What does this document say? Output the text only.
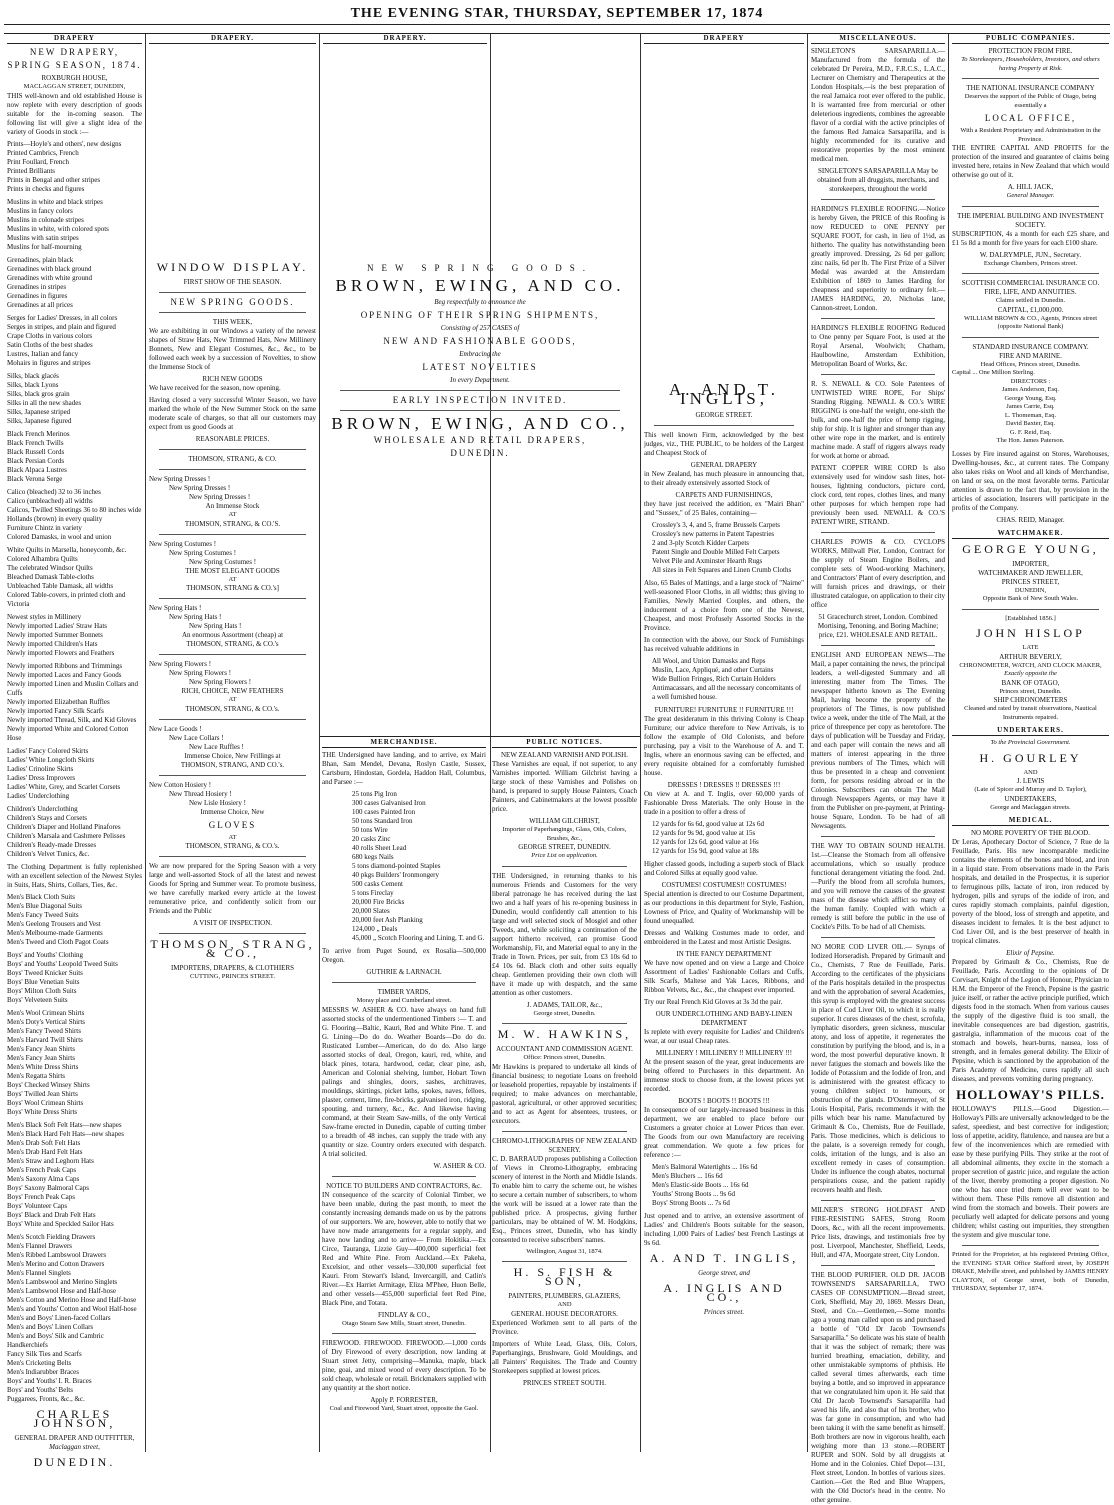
THE EVENING STAR, THURSDAY, SEPTEMBER 17, 1874
DRAPERY
NEW DRAPERY,
SPRING SEASON, 1874.
ROXBURGH HOUSE,
MACLAGGAN STREET, DUNEDIN,

THIS well-known and old established House is now replete with every description of goods suitable for the in-coming season. The following list will give a slight idea of the variety of Goods in stock :—

Prints—Hoyle's and others', new designs
Printed Cambrics, French
Print Foullard, French
Printed Brilliants
Prints in Bengal and other stripes
Prints in checks and figures
Muslins in white and black stripes
Muslins in fancy colors
Muslins in colonade stripes
Muslins in white, with colored spots
Muslins with satin stripes
Muslins for half-mourning
Grenadines, plain black
Grenadines with black ground
Grenadines with white ground
Grenadines in stripes
Grenadines in figures
Grenadines at all prices
Serges for Ladies' Dresses, in all colors
Serges in stripes, and plain and figured
Crape Cloths in various colors
Satin Cloths of the best shades
Lustres, Italian and fancy
Mohairs in figures and stripes
Silks, black glacés
Silks, black Lyons
Silks, black gros grain
Silks in all the new shades
Silks, Japanese striped
Silks, Japanese figured
Black French Merinos
Black French Twills
Black Russell Cords
Black Persian Cords
Black Alpaca Lustres
Black Verona Serge
Calico (bleached) 32 to 36 inches
Calico (unbleached) all widths
Calicos, Twilled Sheetings 36 to 80 inches wide
Hollands (brown) in every quality
Furniture Chintz in variety
Colored Damasks, in wool and union
White Quilts in Marsella, honeycomb, &c.
Colored Alhambra Quilts
The celebrated Windsor Quilts
Bleached Damask Table-cloths
Unbleached Table Damask, all widths
Colored Table-covers, in printed cloth and Victoria
Newest styles in Millinery
Newly imported Ladies' Straw Hats
Newly imported Summer Bonnets
Newly imported Children's Hats
Newly imported Flowers and Feathers
Newly imported Ribbons and Trimmings
Newly imported Laces and Fancy Goods
Newly imported Linen and Muslin Collars and Cuffs
Newly imported Elizabethan Ruffles
Newly imported Fancy Silk Scarfs
Newly imported Thread, Silk, and Kid Gloves
Newly imported White and Colored Cotton Hose
Ladies' Fancy Colored Skirts
Ladies' White Longcloth Skirts
Ladies' Crinoline Skirts
Ladies' Dress Improvers
Ladies' White, Grey, and Scarlet Corsets
Ladies' Underclothing
Children's Underclothing
Children's Stays and Corsets
Children's Diaper and Holland Pinafores
Children's Marsala and Cashmere Pelisses
Children's Ready-made Dresses
Children's Velvet Tunics, &c.

The Clothing Department is fully replenished with an excellent selection of the Newest Styles in Suits, Hats, Shirts, Collars, Ties, &c.

Men's Black Cloth Suits
Men's Blue Diagonal Suits
Men's Fancy Tweed Suits
Men's Geelong Trousers and Vest
Men's Melbourne-made Garments
Men's Tweed and Cloth Pagot Coats
Boys' and Youths' Clothing
Boys' and Youths' Leopold Tweed Suits
Boys' Tweed Knicker Suits
Boys' Blue Venetian Suits
Boys' Milton Cloth Suits
Boys' Velveteen Suits
Men's Wool Crimean Shirts
Men's Doty's Vertical Shirts
Men's Fancy Tweed Shirts
Men's Harvard Twill Shirts
Men's Fancy Jean Shirts
Men's Fancy Jean Shirts
Men's White Dress Shirts
Men's Regatta Shirts
Boys' Checked Winsey Shirts
Boys' Twilled Jean Shirts
Boys' Wool Crimean Shirts
Boys' White Dress Shirts
Men's Black Soft Felt Hats—new shapes
Men's Black Hard Felt Hats—new shapes
Men's Drab Soft Felt Hats
Men's Drab Hard Felt Hats
Men's Straw and Leghorn Hats
Men's French Peak Caps
Men's Saxony Alma Caps
Boys' Saxony Balmoral Caps
Boys' French Peak Caps
Boys' Volunteer Caps
Boys' Black and Drab Felt Hats
Boys' White and Speckled Sailor Hats
Men's Scotch Fielding Drawers
Men's Flannel Drawers
Men's Ribbed Lambswool Drawers
Men's Merino and Cotton Drawers
Men's Flannel Singlets
Men's Lambswool and Merino Singlets
Men's Lambswool Hose and Half-hose
Men's Cotton and Merino Hose and Half-hose
Men's and Youths' Cotton and Wool Half-hose
Men's and Boys' Linen-faced Collars
Men's and Boys' Linen Collars
Men's and Boys' Silk and Cambric Handkerchiefs
Fancy Silk Ties and Scarfs
Men's Cricketing Belts
Men's Indiarubber Braces
Boys' and Youths' I. R. Braces
Boys' and Youths' Belts
Puggarees, Fronts, &c., &c.
CHARLES JOHNSON,
GENERAL DRAPER AND OUTFITTER,
Maclaggan street,
DUNEDIN.
DRAPERY.
WINDOW DISPLAY.
FIRST SHOW OF THE SEASON.
NEW SPRING GOODS.
THIS WEEK,

We are exhibiting in our Windows a variety of the newest shapes of Straw Hats, New Trimmed Hats, New Millinery Bonnets, New and Elegant Costumes, &c., &c., to be followed each week by a succession of Novelties, to show the Immense Stock of

RICH NEW GOODS

We have received for the season, now opening.

Having closed a very successful Winter Season, we have marked the whole of the New Summer Stock on the same moderate scale of charges, so that all our customers may expect from us good Goods at

REASONABLE PRICES.
THOMSON, STRANG, & CO.
New Spring Dresses !
New Spring Dresses !
New Spring Dresses !
An Immense Stock
AT
THOMSON, STRANG, & CO.'S.
New Spring Costumes !
New Spring Costumes !
New Spring Costumes !
THE MOST ELEGANT GOODS
AT
THOMSON, STRANG & CO.'s]
New Spring Hats !
New Spring Hats !
New Spring Hats !
An enormous Assortment (cheap) at
THOMSON, STRANG, & CO.'s
New Spring Flowers !
New Spring Flowers !
New Spring Flowers !
RICH, CHOICE, NEW FEATHERS
AT
THOMSON, STRANG, & CO.'s.
New Lace Goods !
New Lace Collars !
New Lace Ruffles !
Immense Choice, New Frillings at
THOMSON, STRANG, AND CO.'s.
New Cotton Hosiery !
New Thread Hosiery !
New Lisle Hosiery !
Immense Choice, New
GLOVES
AT
THOMSON, STRANG, & CO.'s.

We are now prepared for the Spring Season with a very large and well-assorted Stock of all the latest and newest Goods for Spring and Summer wear. To promote business, we have carefully marked every article at the lowest remunerative price, and confidently solicit from our Friends and the Public

A VISIT OF INSPECTION.
THOMSON, STRANG, & CO.,
IMPORTERS, DRAPERS, & CLOTHIERS
CUTTING, PRINCES STREET.
DRAPERY.
NEW SPRING GOODS.
BROWN, EWING, AND CO.
Beg respectfully to announce the
OPENING OF THEIR SPRING SHIPMENTS,
Consisting of 257 CASES of
NEW AND FASHIONABLE GOODS,
Embracing the
LATEST NOVELTIES
In every Department.
EARLY INSPECTION INVITED.
BROWN, EWING, AND CO.,
WHOLESALE AND RETAIL DRAPERS,
DUNEDIN.
MERCHANDISE.

THE Undersigned have landing, and to arrive, ex Mairi Bhan, Sam Mendel, Devana, Roslyn Castle, Sussex, Cartsburn, Hindostan, Gordela, Haddon Hall, Columbus, and Parsee :—

25 tons Pig Iron
300 cases Galvanised Iron
100 cases Painted Iron
50 tons Standard Iron
50 tons Wire
20 casks Zinc
40 rolls Sheet Lead
680 kegs Nails
5 tons diamond-pointed Staples
40 pkgs Builders' Ironmongery
500 casks Cement
5 tons Fireclay
20,000 Fire Bricks
20,000 Slates
20,000 feet Ash Planking
124,000 „ Deals
45,000 „ Scotch Flooring and Lining, T. and G.

To arrive from Puget Sound, ex Rosalia—500,000 Oregon.

GUTHRIE & LARNACH.
TIMBER YARDS,
Moray place and Cumberland street.

MESSRS W. ASHER & CO. have always on hand full assorted stocks of the undermentioned Timbers :— T. and G. Flooring—Baltic, Kauri, Red and White Pine. T. and G. Lining—Do do do. Weather Boards—Do do do. Rusticated Lumber—American, do do do. Also large assorted stocks of deal, Oregon, kauri, red, white, and black pines, totara, hardwood, cedar, clear pine, ash, American and Colonial shelving, lumber, Hobart Town palings and shingles, doors, sashes, architraves, mouldings, skirtings, picket laths, spokes, naves, felloes, plaster, cement, lime, fire-bricks, galvanised iron, ridging, spouting, and turnery, &c., &c. And likewise having command, at their Steam Saw-mills, of the only Vertical Saw-frame erected in Dunedin, capable of cutting timber to a breadth of 48 inches, can supply the trade with any quantity or size. Country orders executed with despatch. A trial solicited.

W. ASHER & CO.
NOTICE TO BUILDERS AND CONTRACTORS, &c.

IN consequence of the scarcity of Colonial Timber, we have been unable, during the past month, to meet the constantly increasing demands made on us by the patrons of our supporters. We are, however, able to notify that we have now made arrangements for a regular supply, and have now landing and to arrive— From Hokitika.—Ex Circe, Tauranga, Lizzie Guy—400,000 superficial feet Red and White Pine. From Auckland.—Ex Pakeha, Excelsior, and other vessels—330,000 superficial feet Kauri. From Stewart's Island, Invercargill, and Catlin's River.—Ex Harriet Armitage, Eliza M'Phee, Huon Belle, and other vessels—455,000 superficial feet Red Pine, Black Pine, and Totara.

FINDLAY & CO.,
Otago Steam Saw Mills, Stuart street, Dunedin.

FIREWOOD. FIREWOOD. FIREWOOD.—1,000 cords of Dry Firewood of every description, now landing at Stuart street Jetty, comprising—Manuka, maple, black pine, goai, and mixed wood of every description. To be sold cheap, wholesale or retail. Brickmakers supplied with any quantity at the short notice.

Apply P. FORRESTER,
Coal and Firewood Yard, Stuart street, opposite the Gaol.
PUBLIC NOTICES.
NEW ZEALAND VARNISH AND POLISH.

These Varnishes are equal, if not superior, to any Varnishes imported. William Gilchrist having a large stock of these Varnishes and Polishes on hand, is prepared to supply House Painters, Coach Painters, and Cabinetmakers at the lowest possible price.

WILLIAM GILCHRIST,
Importer of Paperhangings, Glass, Oils, Colors, Brushes, &c.,
GEORGE STREET, DUNEDIN.
Price List on application.

THE Undersigned, in returning thanks to his numerous Friends and Customers for the very liberal patronage he has received during the last two and a half years of his re-opening business in Dunedin, would confidently call attention to his large and well selected stock of Mosgiel and other Tweeds, and, while soliciting a continuation of the support hitherto received, can promise Good Workmanship, Fit, and Material equal to any in the Trade in Town. Prices, per suit, from £3 10s 6d to £4 10s 6d. Black cloth and other suits equally cheap. Gentlemen providing their own cloth will have it made up with despatch, and the same attention as other customers.

J. ADAMS, TAILOR, &c.,
George street, Dunedin.
M. W. HAWKINS,
ACCOUNTANT AND COMMISSION AGENT.
Office: Princes street, Dunedin.

Mr Hawkins is prepared to undertake all kinds of financial business; to negotiate Loans on freehold or leasehold properties, repayable by instalments if required; to make advances on merchantable, pastoral, agricultural, or other approved securities; and to act as Agent for absentees, trustees, or executors.

CHROMO-LITHOGRAPHS OF NEW ZEALAND SCENERY.

C. D. BARRAUD proposes publishing a Collection of Views in Chromo-Lithography, embracing scenery of interest in the North and Middle Islands. To enable him to carry the scheme out, he wishes to secure a certain number of subscribers, to whom the work will be issued at a lower rate than the published price. A prospectus, giving further particulars, may be obtained of W. M. Hodgkins, Esq., Princes street, Dunedin, who has kindly consented to receive subscribers' names.

Wellington, August 31, 1874.
H. S. FISH & SON,
PAINTERS, PLUMBERS, GLAZIERS,
AND
GENERAL HOUSE DECORATORS.

Experienced Workmen sent to all parts of the Province.

Importers of White Lead, Glass, Oils, Colors, Paperhangings, Brushware, Gold Mouldings, and all Painters' Requisites. The Trade and Country Storekeepers supplied at lowest prices.

PRINCES STREET SOUTH.
DRAPERY
A. AND T. INGLIS,
GEORGE STREET.

This well known Firm, acknowledged by the best judges, viz., THE PUBLIC, to be holders of the Largest and Cheapest Stock of

GENERAL DRAPERY

in New Zealand, has much pleasure in announcing that, to their already extensively assorted Stock of

CARPETS AND FURNISHINGS,

they have just received the addition, ex "Mairi Bhan" and "Sussex," of 25 Bales, containing—

Crossley's 3, 4, and 5, frame Brussels Carpets
Crossley's new patterns in Patent Tapestries
2 and 3-ply Scotch Kidder Carpets
Patent Single and Double Milled Felt Carpets
Velvet Pile and Axminster Hearth Rugs
All sizes in Felt Squares and Linen Crumb Cloths

Also, 65 Bales of Mattings, and a large stock of "Nairne" well-seasoned Floor Cloths, in all widths; thus giving to Families, Newly Married Couples, and others, the inducement of a choice from one of the Newest, Cheapest, and most Profusely Assorted Stocks in the Province.

In connection with the above, our Stock of Furnishings has received valuable additions in

All Wool, and Union Damasks and Reps
Muslin, Lace, Appliqué, and other Curtains
Wide Bullion Fringes, Rich Curtain Holders
Antimacassars, and all the necessary concomitants of a well furnished house.
FURNITURE! FURNITURE !! FURNITURE !!!

The great desideratum in this thriving Colony is Cheap Furniture; our advice therefore to New Arrivals, is to follow the example of Old Colonists, and before purchasing, pay a visit to the Warehouse of A. and T. Inglis, where an enormous saving can be effected, and every requisite obtained for a comfortably furnished house.

DRESSES ! DRESSES !! DRESSES !!!

On view at A. and T. Inglis, over 60,000 yards of Fashionable Dress Materials. The only House in the trade in a position to offer a dress of

12 yards for 6s 6d, good value at 12s 6d
12 yards for 9s 9d, good value at 15s
12 yards for 12s 6d, good value at 16s
12 yards for 15s 9d, good value at 18s

Higher classed goods, including a superb stock of Black and Colored Silks at equally good value.

COSTUMES! COSTUMES!! COSTUMES!

Special attention is directed to our Costume Department, as our productions in this department for Style, Fashion, Lowness of Price, and Quality of Workmanship will be found unequalled.

Dresses and Walking Costumes made to order, and embroidered in the Latest and most Artistic Designs.

IN THE FANCY DEPARTMENT

We have now opened and on view a Large and Choice Assortment of Ladies' Fashionable Collars and Cuffs, Silk Scarfs, Maltese and Yak Laces, Ribbons, and Ribbon Velvets, &c., &c., the cheapest ever imported.

Try our Real French Kid Gloves at 3s 3d the pair.

OUR UNDERCLOTHING AND BABY-LINEN DEPARTMENT

Is replete with every requisite for Ladies' and Children's wear, at our usual Cheap rates.

MILLINERY ! MILLINERY !! MILLINERY !!!

At the present season of the year, great inducements are being offered to Purchasers in this department. An immense stock to choose from, at the lowest prices yet recorded.

BOOTS ! BOOTS !! BOOTS !!!

In consequence of our largely-increased business in this department, we are enabled to place before our Customers a greater choice at Lower Prices than ever. The Goods from our own Manufactory are receiving great commendation. We quote a few prices for reference :—

Men's Balmoral Watertights ... 16s 6d
Men's Bluchers ... 16s 6d
Men's Elastic-side Boots ... 16s 6d
Youths' Strong Boots ... 9s 6d
Boys' Strong Boots ... 7s 6d

Just opened and to arrive, an extensive assortment of Ladies' and Children's Boots suitable for the season, including 1,000 Pairs of Ladies' best French Lastings at 9s 6d.

A. AND T. INGLIS,
George street, and
A. INGLIS AND CO.,
Princes street.
MISCELLANEOUS.

SINGLETON'S SARSAPARILLA.—Manufactured from the formula of the celebrated Dr Pereira, M.D., F.R.C.S., L.A.C., Lecturer on Chemistry and Therapeutics at the London Hospitals,—is the best preparation of the real Jamaica root ever offered to the public. It is warranted free from mercurial or other deleterious ingredients, combines the agreeable flavor of a cordial with the active principles of the famous Red Jamaica Sarsaparilla, and is highly recommended for its curative and restorative properties by the most eminent medical men.

SINGLETON'S SARSAPARILLA May be obtained from all druggists, merchants, and storekeepers, throughout the world

HARDING'S FLEXIBLE ROOFING.—Notice is hereby Given, the PRICE of this Roofing is now REDUCED to ONE PENNY per SQUARE FOOT, for cash, in lieu of 1½d, as hitherto. The quality has notwithstanding been greatly improved. Dressing, 2s 6d per gallon; zinc nails, 6d per lb. The First Prize of a Silver Medal was awarded at the Amsterdam Exhibition of 1869 to James Harding for cheapness and superiority to ordinary felt.—JAMES HARDING, 20, Nicholas lane, Cannon-street, London.

HARDING'S FLEXIBLE ROOFING Reduced to One penny per Square Foot, is used at the Royal Arsenal, Woolwich; Chatham, Haulbowline, Amsterdam Exhibition, Metropolitan Board of Works, &c.

R. S. NEWALL & CO. Sole Patentees of UNTWISTED WIRE ROPE, For Ships' Standing Rigging. NEWALL & CO.'s WIRE RIGGING is one-half the weight, one-sixth the bulk, and one-half the price of hemp rigging, ship for ship. It is lighter and stronger than any other wire rope in the market, and is entirely machine made. A staff of riggers always ready for work at home or abroad.

PATENT COPPER WIRE CORD Is also extensively used for window sash lines, hot-houses, lightning conductors, picture cord, clock cord, tent ropes, clothes lines, and many other purposes for which hempen rope had previously been used. NEWALL & CO.'S PATENT WIRE, STRAND.

CHARLES POWIS & CO. CYCLOPS WORKS, Millwall Pier, London, Contract for the supply of Steam Engine Boilers, and complete sets of Wood-working Machinery, and Contractors' Plant of every description, and will furnish prices and drawings, or their illustrated catalogue, on application to their city office

51 Gracechurch street, London. Combined Mortising, Tenoning, and Boring Machine; price, £21. WHOLESALE AND RETAIL.

ENGLISH AND EUROPEAN NEWS—The Mail, a paper containing the news, the principal leaders, a well-digested Summary and all interesting matter from The Times. The newspaper hitherto known as The Evening Mail, having become the property of the proprietors of The Times, is now published twice a week, under the title of The Mail, at the price of threepence per copy as heretofore. The days of publication will be Tuesday and Friday, and each paper will contain the news and all matters of interest appearing in the three previous numbers of The Times, which will thus be presented in a cheap and convenient form, for persons residing abroad or in the Colonies. Subscribers can obtain The Mail through Newspapers Agents, or may have it from the Publisher on pre-payment, at Printing-house Square, London. To be had of all Newsagents.

THE WAY TO OBTAIN SOUND HEALTH. 1st.—Cleanse the Stomach from all offensive accumulations, which so usually produce functional derangement vitiating the food. 2nd.—Purify the blood from all scrofula humors, and you will remove the causes of the greatest mass of the disease which afflict so many of the human family. Coupled with which a remedy is still before the public in the use of Cockle's Pills. To be had of all Chemists.

NO MORE COD LIVER OIL.— Syrups of Iodized Horseradish. Prepared by Grimault and Co., Chemists, 7 Rue de Feuillade, Paris. According to the certificates of the physicians of the Paris hospitals detailed in the prospectus and with the approbation of several Academies, this syrup is employed with the greatest success in place of Cod Liver Oil, to which it is really superior. It cures diseases of the chest, scrofula, lymphatic disorders, green sickness, muscular atony, and loss of appetite, it regenerates the constitution by purifying the blood, and is, in a word, the most powerful depurative known. It never fatigues the stomach and bowels like the Iodide of Potassium and the Iodide of Iron, and is administered with the greatest efficacy to young children subject to humours, or obstruction of the glands. D'Ostermeyer, of St Louis Hospital, Paris, recommends it with the pills which bear his name. Manufactured by Grimault & Co., Chemists, Rue de Feuillade, Paris. Those medicines, which is delicious to the palate, is a sovereign remedy for cough, colds, irritation of the lungs, and is also an excellent remedy in cases of consumption. Under its influence the cough abates, nocturnal perspirations cease, and the patient rapidly recovers health and flesh.

MILNER'S STRONG HOLDFAST AND FIRE-RESISTING SAFES, Strong Room Doors, &c., with all the recent improvements. Price lists, drawings, and testimonials free by post. Liverpool, Manchester, Sheffield, Leeds, Hull, and 47A, Moorgate street, City London.

THE BLOOD PURIFIER. OLD DR. JACOB TOWNSEND'S SARSAPARILLA, TWO CASES OF CONSUMPTION.—Bread street, Cork, Sheffield, May 20, 1869. Messrs Dean, Steel, and Co.—Gentlemen,—Some months ago a young man called upon us and purchased a bottle of "Old Dr Jacob Townsend's Sarsaparilla." So delicate was his state of health that it was the subject of remark; there was hurried breathing, emaciation, debility, and other unmistakable symptoms of phthisis. He called several times afterwards, each time buying a bottle, and so improved in appearance that we congratulated him upon it. He said that Old Dr Jacob Townsend's Sarsaparilla had saved his life, and also that of his brother, who was far gone in consumption, and who had been taking it with the same benefit as himself. Both brothers are now in vigorous health, each weighing more than 13 stone.—ROBERT RUPER and SON. Sold by all druggists at Home and in the Colonies. Chief Depot—131, Fleet street, London. In bottles of various sizes. Caution.—Get the Red and Blue Wrappers, with the Old Doctor's head in the centre. No other genuine.

PUBLIC COMPANIES.
PROTECTION FROM FIRE.
To Storekeepers, Householders, Investors, and others having Property at Risk.
THE NATIONAL INSURANCE COMPANY
Deserves the support of the Public of Otago, being essentially a
LOCAL OFFICE,
With a Resident Proprietary and Administration in the Province.

THE ENTIRE CAPITAL AND PROFITS for the protection of the insured and guarantee of claims being invested here, retains in New Zealand that which would otherwise go out of it.

A. HILL JACK,
General Manager.
THE IMPERIAL BUILDING AND INVESTMENT SOCIETY.

SUBSCRIPTION, 4s a month for each £25 share, and £1 5s 8d a month for five years for each £100 share.

W. DALRYMPLE, JUN., Secretary.
Exchange Chambers, Princes street.
SCOTTISH COMMERCIAL INSURANCE CO.
FIRE, LIFE, AND ANNUITIES.
Claims settled in Dunedin.
CAPITAL, £1,000,000.
WILLIAM BROWN & CO., Agents, Princes street (opposite National Bank)
STANDARD INSURANCE COMPANY.
FIRE AND MARINE.
Head Offices, Princes street, Dunedin.
Capital ... One Million Sterling.
DIRECTORS :
James Anderson, Esq.
George Young, Esq.
James Carrie, Esq.
L. Thomeman, Esq.
David Baxter, Esq.
G. F. Reid, Esq.
The Hon. James Paterson.

Losses by Fire insured against on Stores, Warehouses, Dwelling-houses, &c., at current rates. The Company also takes risks on Wool and all kinds of Merchandise, on land or sea, on the most favorable terms. Particular attention is drawn to the fact that, by provision in the articles of association, Insurers will participate in the profits of the Company.

CHAS. REID, Manager.
WATCHMAKER.
GEORGE YOUNG,
IMPORTER,
WATCHMAKER AND JEWELLER,
PRINCES STREET,
DUNEDIN,
Opposite Bank of New South Wales.
[Established 1856.]
JOHN HISLOP
LATE
ARTHUR BEVERLY,
CHRONOMETER, WATCH, AND CLOCK MAKER,
Exactly opposite the
BANK OF OTAGO,
Princes street, Dunedin.
SHIP CHRONOMETERS
Cleaned and rated by transit observations, Nautical Instruments repaired.
UNDERTAKERS.
To the Provincial Government.
H. GOURLEY
AND
J. LEWIS
(Late of Spicer and Murray and D. Taylor),
UNDERTAKERS,
George and Maclaggan streets.
MEDICAL.
NO MORE POVERTY OF THE BLOOD.

Dr Leras, Apothecary Doctor of Science, 7 Rue de la Feuillade, Paris. His new incomparable medicine contains the elements of the bones and blood, and iron in a liquid state. From observations made in the Paris hospitals, and detailed in the Prospectus, it is superior to ferruginous pills, lactate of iron, iron reduced by hydrogen, pills and syrups of the iodide of iron, and cures rapidly stomach complaints, painful digestion, poverty of the blood, loss of strength and appetite, and diseases incident to females. It is the best adjunct to Cod Liver Oil, and is the best preserver of health in tropical climates.

Elixir of Pepsine.

Prepared by Grimault & Co., Chemists, Rue de Feuillade, Paris. According to the opinions of Dr Corvisart, Knight of the Legion of Honour, Physician to H.M. the Emperor of the French, Pepsine is the gastric juice itself, or rather the active principle purified, which digests food in the stomach. When from various causes the supply of the digestive fluid is too small, the inevitable consequences are bad digestion, gastritis, gastralgia, inflammation of the mucous coat of the stomach and bowels, heart-burns, nausea, loss of strength, and in females general debility. The Elixir of Pepsine, which is sanctioned by the approbation of the Paris Academy of Medicine, cures rapidly all such diseases, and prevents vomiting during pregnancy.

HOLLOWAY'S PILLS.

HOLLOWAY'S PILLS.—Good Digestion.—Holloway's Pills are universally acknowledged to be the safest, speediest, and best corrective for indigestion; loss of appetite, acidity, flatulence, and nausea are but a few of the inconveniences which are remedied with ease by these purifying Pills. They strike at the root of all abdominal ailments, they excite in the stomach a proper secretion of gastric juice, and regulate the action of the liver, thereby promoting a proper digestion. No one who has once tried them will ever want to be without them. These Pills remove all distention and wind from the stomach and bowels. Their powers are peculiarly well adapted for delicate persons and young children; whilst casting out impurities, they strengthen the system and give muscular tone.

Printed for the Proprietor, at his registered Printing Office, the EVENING STAR Office Stafford street, by JOSEPH DRAKE, Melville street, and published by JAMES HENRY CLAYTON, of George street, both of Dunedin, THURSDAY, September 17, 1874.
